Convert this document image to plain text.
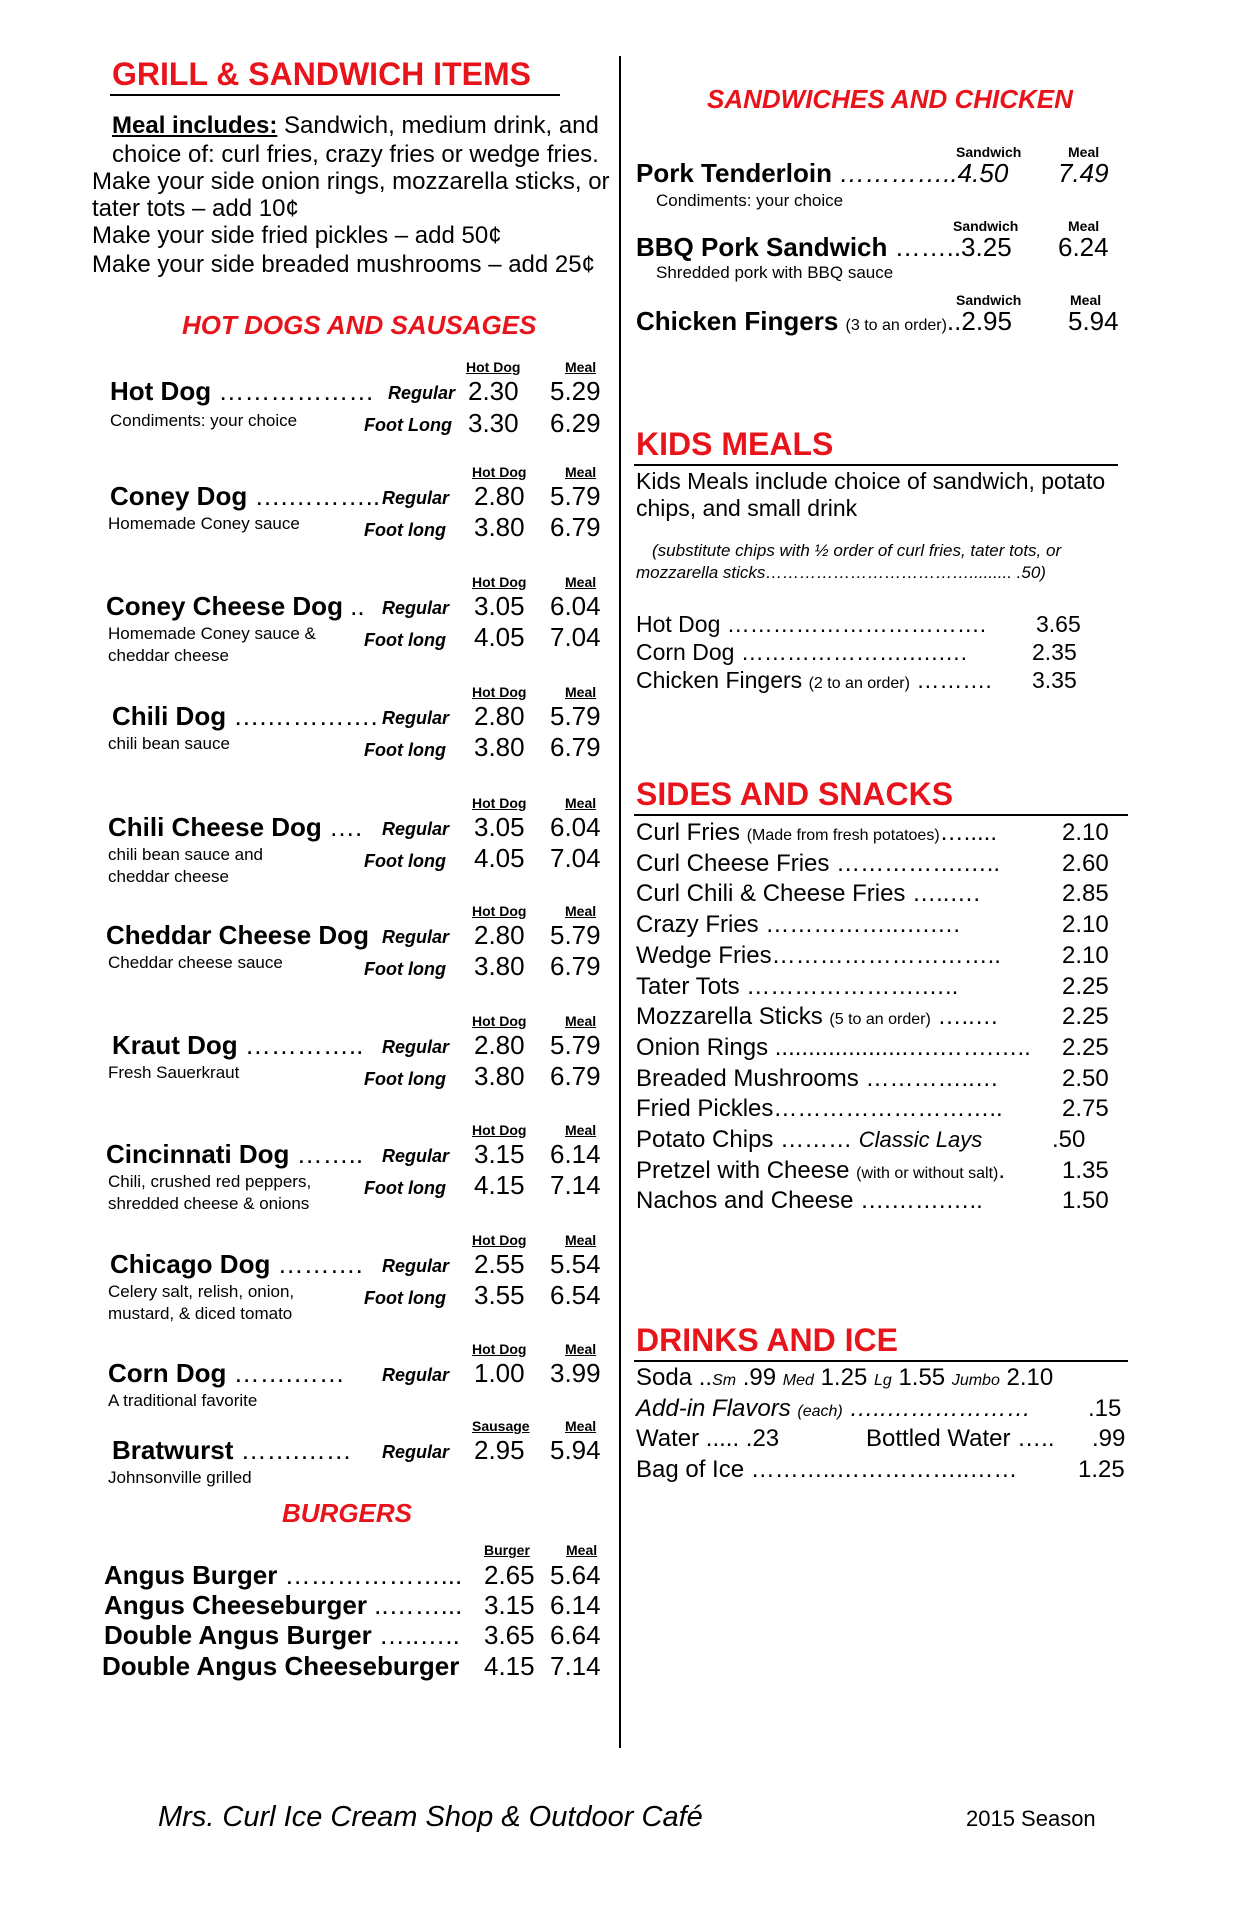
GRILL & SANDWICH ITEMS
Meal includes: Sandwich, medium drink, and
choice of: curl fries, crazy fries or wedge fries.
Make your side onion rings, mozzarella sticks, or
tater tots – add 10¢
Make your side fried pickles – add 50¢
Make your side breaded mushrooms – add 25¢
HOT DOGS AND SAUSAGES
Hot Dog	Meal
Hot Dog ……………… Regular 2.30 5.29
Condiments: your choice	Foot Long 3.30 6.29
Hot Dog	Meal
Coney Dog ….……….. Regular 2.80 5.79
Homemade Coney sauce	Foot long 3.80 6.79
Hot Dog	Meal
Coney Cheese Dog .. Regular 3.05 6.04
Homemade Coney sauce &
cheddar cheese
Foot long 4.05 7.04
Hot Dog	Meal
Chili Dog ….…………. Regular 2.80 5.79
chili bean sauce	Foot long 3.80 6.79
Hot Dog	Meal
Chili Cheese Dog …. Regular 3.05 6.04
chili bean sauce and
cheddar cheese
Foot long 4.05 7.04
Hot Dog	Meal
Cheddar Cheese Dog Regular 2.80 5.79
Cheddar cheese sauce	Foot long 3.80 6.79
Hot Dog	Meal
Kraut Dog ………….. Regular 2.80 5.79
Fresh Sauerkraut	Foot long 3.80 6.79
Hot Dog	Meal
Cincinnati Dog …….. Regular 3.15 6.14
Chili, crushed red peppers,
shredded cheese & onions
Foot long 4.15 7.14
Hot Dog	Meal
Chicago Dog ………. Regular 2.55 5.54
Celery salt, relish, onion,
mustard, & diced tomato
Foot long 3.55 6.54
Hot Dog	Meal
Corn Dog …….…… Regular 1.00 3.99
A traditional favorite
Sausage	Meal
Bratwurst …….…… Regular 2.95 5.94
Johnsonville grilled
BURGERS
Burger	Meal
Angus Burger ………………... 2.65 5.64
Angus Cheeseburger ..……... 3.15 6.14
Double Angus Burger …..….. 3.65 6.64
Double Angus Cheeseburger 4.15 7.14
SANDWICHES AND CHICKEN
Sandwich	Meal
Pork Tenderloin …………..4.50 7.49
Condiments: your choice
Sandwich	Meal
BBQ Pork Sandwich ……..3.25 6.24
Shredded pork with BBQ sauce
Sandwich	Meal
Chicken Fingers (3 to an order)..2.95 5.94
KIDS MEALS
Kids Meals include choice of sandwich, potato
chips, and small drink
(substitute chips with ½ order of curl fries, tater tots, or
mozzarella sticks………………………………......... .50)
Hot Dog ……………………………. 3.65
Corn Dog ………………….….….	2.35
Chicken Fingers (2 to an order) ………. 3.35
SIDES AND SNACKS
Curl Fries (Made from fresh potatoes)….....	2.10
Curl Cheese Fries …………….…..	2.60
Curl Chili & Cheese Fries …..….	2.85
Crazy Fries ……………..….….	2.10
Wedge Fries………………………..	2.10
Tater Tots ………………….…..	2.25
Mozzarella Sticks (5 to an order) …..…	2.25
Onion Rings ....................….…….….. 2.25
Breaded Mushrooms …………..…	2.50
Fried Pickles……………………….. 2.75
Potato Chips ……… Classic Lays	.50
Pretzel with Cheese (with or without salt). 1.35
Nachos and Cheese ….…….…..	1.50
DRINKS AND ICE
Soda ..Sm .99 Med 1.25 Lg 1.55 Jumbo 2.10
Add-in Flavors (each) …..……………… .15
Water ..... .23	Bottled Water ….. .99
Bag of Ice ………..……………..……	1.25
Mrs. Curl Ice Cream Shop & Outdoor Café	2015 Season
